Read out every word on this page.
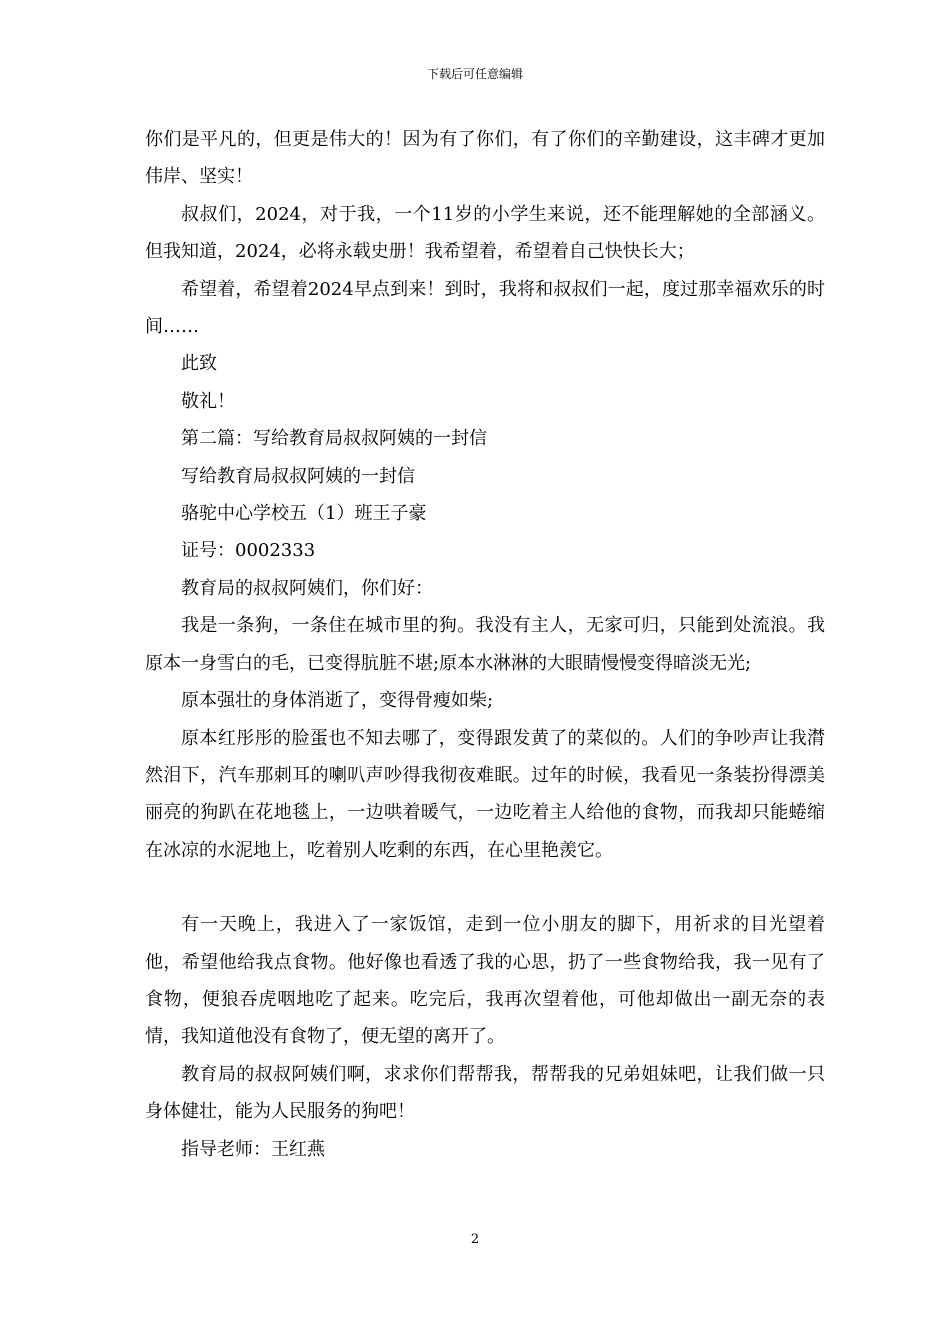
下载后可任意编辑

你们是平凡的，但更是伟大的！因为有了你们，有了你们的辛勤建设，这丰碑才更加伟岸、坚实！

叔叔们，2024，对于我，一个11岁的小学生来说，还不能理解她的全部涵义。但我知道，2024，必将永载史册！我希望着，希望着自己快快长大；

希望着，希望着2024早点到来！到时，我将和叔叔们一起，度过那幸福欢乐的时间……

此致

敬礼！

第二篇：写给教育局叔叔阿姨的一封信

写给教育局叔叔阿姨的一封信

骆驼中心学校五（1）班王子豪

证号：0002333

教育局的叔叔阿姨们，你们好：

我是一条狗，一条住在城市里的狗。我没有主人，无家可归，只能到处流浪。我原本一身雪白的毛，已变得肮脏不堪;原本水淋淋的大眼睛慢慢变得暗淡无光;

原本强壮的身体消逝了，变得骨瘦如柴;

原本红彤彤的脸蛋也不知去哪了，变得跟发黄了的菜似的。人们的争吵声让我潸然泪下，汽车那刺耳的喇叭声吵得我彻夜难眠。过年的时候，我看见一条装扮得漂美丽亮的狗趴在花地毯上，一边哄着暖气，一边吃着主人给他的食物，而我却只能蜷缩在冰凉的水泥地上，吃着别人吃剩的东西，在心里艳羡它。

有一天晚上，我进入了一家饭馆，走到一位小朋友的脚下，用祈求的目光望着他，希望他给我点食物。他好像也看透了我的心思，扔了一些食物给我，我一见有了食物，便狼吞虎咽地吃了起来。吃完后，我再次望着他，可他却做出一副无奈的表情，我知道他没有食物了，便无望的离开了。

教育局的叔叔阿姨们啊，求求你们帮帮我，帮帮我的兄弟姐妹吧，让我们做一只身体健壮，能为人民服务的狗吧！

指导老师：王红燕

2
